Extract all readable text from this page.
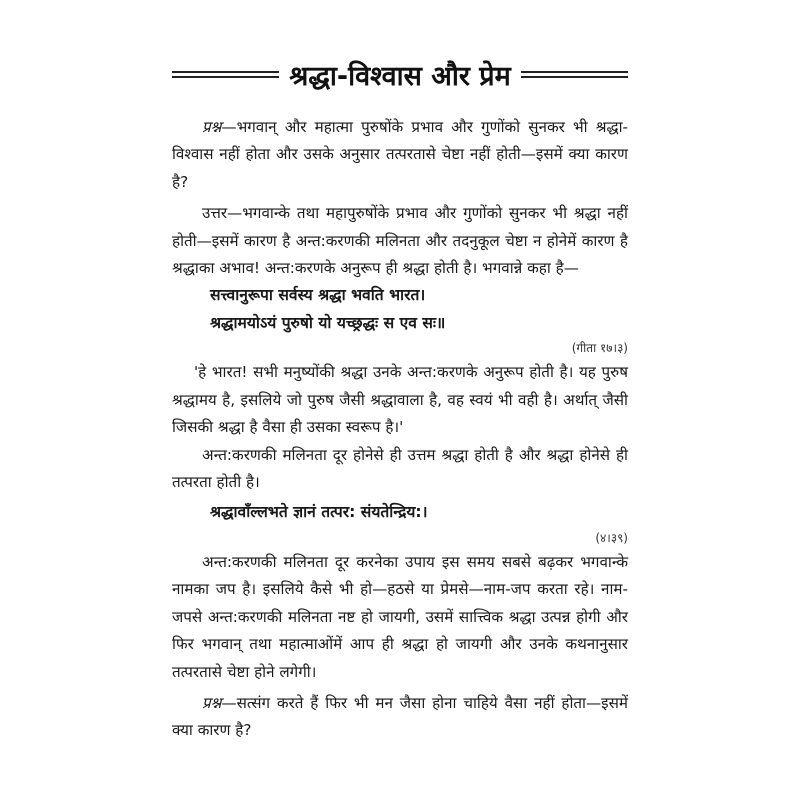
श्रद्धा-विश्वास और प्रेम

प्रश्न—भगवान् और महात्मा पुरुषोंके प्रभाव और गुणोंको सुनकर भी श्रद्धा-विश्वास नहीं होता और उसके अनुसार तत्परतासे चेष्टा नहीं होती—इसमें क्या कारण है?

उत्तर—भगवान्के तथा महापुरुषोंके प्रभाव और गुणोंको सुनकर भी श्रद्धा नहीं होती—इसमें कारण है अन्त:करणकी मलिनता और तदनुकूल चेष्टा न होनेमें कारण है श्रद्धाका अभाव! अन्त:करणके अनुरूप ही श्रद्धा होती है। भगवान्ने कहा है—

सत्त्वानुरूपा सर्वस्य श्रद्धा भवति भारत।
श्रद्धामयोऽयं पुरुषो यो यच्छ्रद्धः स एव सः॥
(गीता १७।३)

'हे भारत! सभी मनुष्योंकी श्रद्धा उनके अन्त:करणके अनुरूप होती है। यह पुरुष श्रद्धामय है, इसलिये जो पुरुष जैसी श्रद्धावाला है, वह स्वयं भी वही है। अर्थात् जैसी जिसकी श्रद्धा है वैसा ही उसका स्वरूप है।'

अन्त:करणकी मलिनता दूर होनेसे ही उत्तम श्रद्धा होती है और श्रद्धा होनेसे ही तत्परता होती है।

श्रद्धावाँल्लभते ज्ञानं तत्पर: संयतेन्द्रिय:।
(४।३९)

अन्त:करणकी मलिनता दूर करनेका उपाय इस समय सबसे बढ़कर भगवान्के नामका जप है। इसलिये कैसे भी हो—हठसे या प्रेमसे—नाम-जप करता रहे। नाम-जपसे अन्त:करणकी मलिनता नष्ट हो जायगी, उसमें सात्त्विक श्रद्धा उत्पन्न होगी और फिर भगवान् तथा महात्माओंमें आप ही श्रद्धा हो जायगी और उनके कथनानुसार तत्परतासे चेष्टा होने लगेगी।

प्रश्न—सत्संग करते हैं फिर भी मन जैसा होना चाहिये वैसा नहीं होता—इसमें क्या कारण है?
